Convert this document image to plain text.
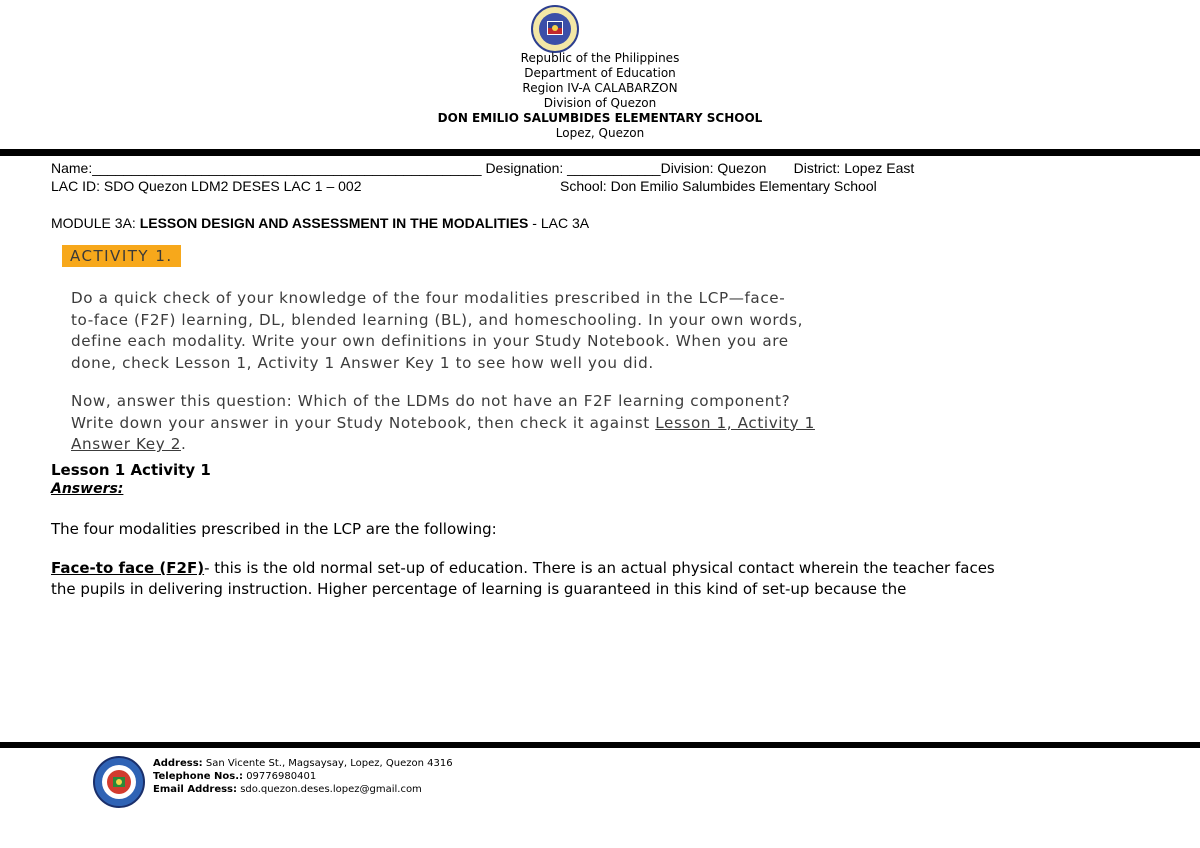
Republic of the Philippines
Department of Education
Region IV-A CALABARZON
Division of Quezon
DON EMILIO SALUMBIDES ELEMENTARY SCHOOL
Lopez, Quezon
Name:__________________________________________________ Designation: ____________Division: Quezon District: Lopez East
LAC ID: SDO Quezon LDM2 DESES LAC 1 – 002	School: Don Emilio Salumbides Elementary School
MODULE 3A: LESSON DESIGN AND ASSESSMENT IN THE MODALITIES - LAC 3A
ACTIVITY 1.
Do a quick check of your knowledge of the four modalities prescribed in the LCP—face-
to-face (F2F) learning, DL, blended learning (BL), and homeschooling. In your own words,
define each modality. Write your own definitions in your Study Notebook. When you are
done, check Lesson 1, Activity 1 Answer Key 1 to see how well you did.
Now, answer this question: Which of the LDMs do not have an F2F learning component?
Write down your answer in your Study Notebook, then check it against Lesson 1, Activity 1
Answer Key 2.
Lesson 1 Activity 1
Answers:
The four modalities prescribed in the LCP are the following:
Face-to face (F2F)- this is the old normal set-up of education. There is an actual physical contact wherein the teacher faces
the pupils in delivering instruction. Higher percentage of learning is guaranteed in this kind of set-up because the
Address: San Vicente St., Magsaysay, Lopez, Quezon 4316
Telephone Nos.: 09776980401
Email Address: sdo.quezon.deses.lopez@gmail.com
